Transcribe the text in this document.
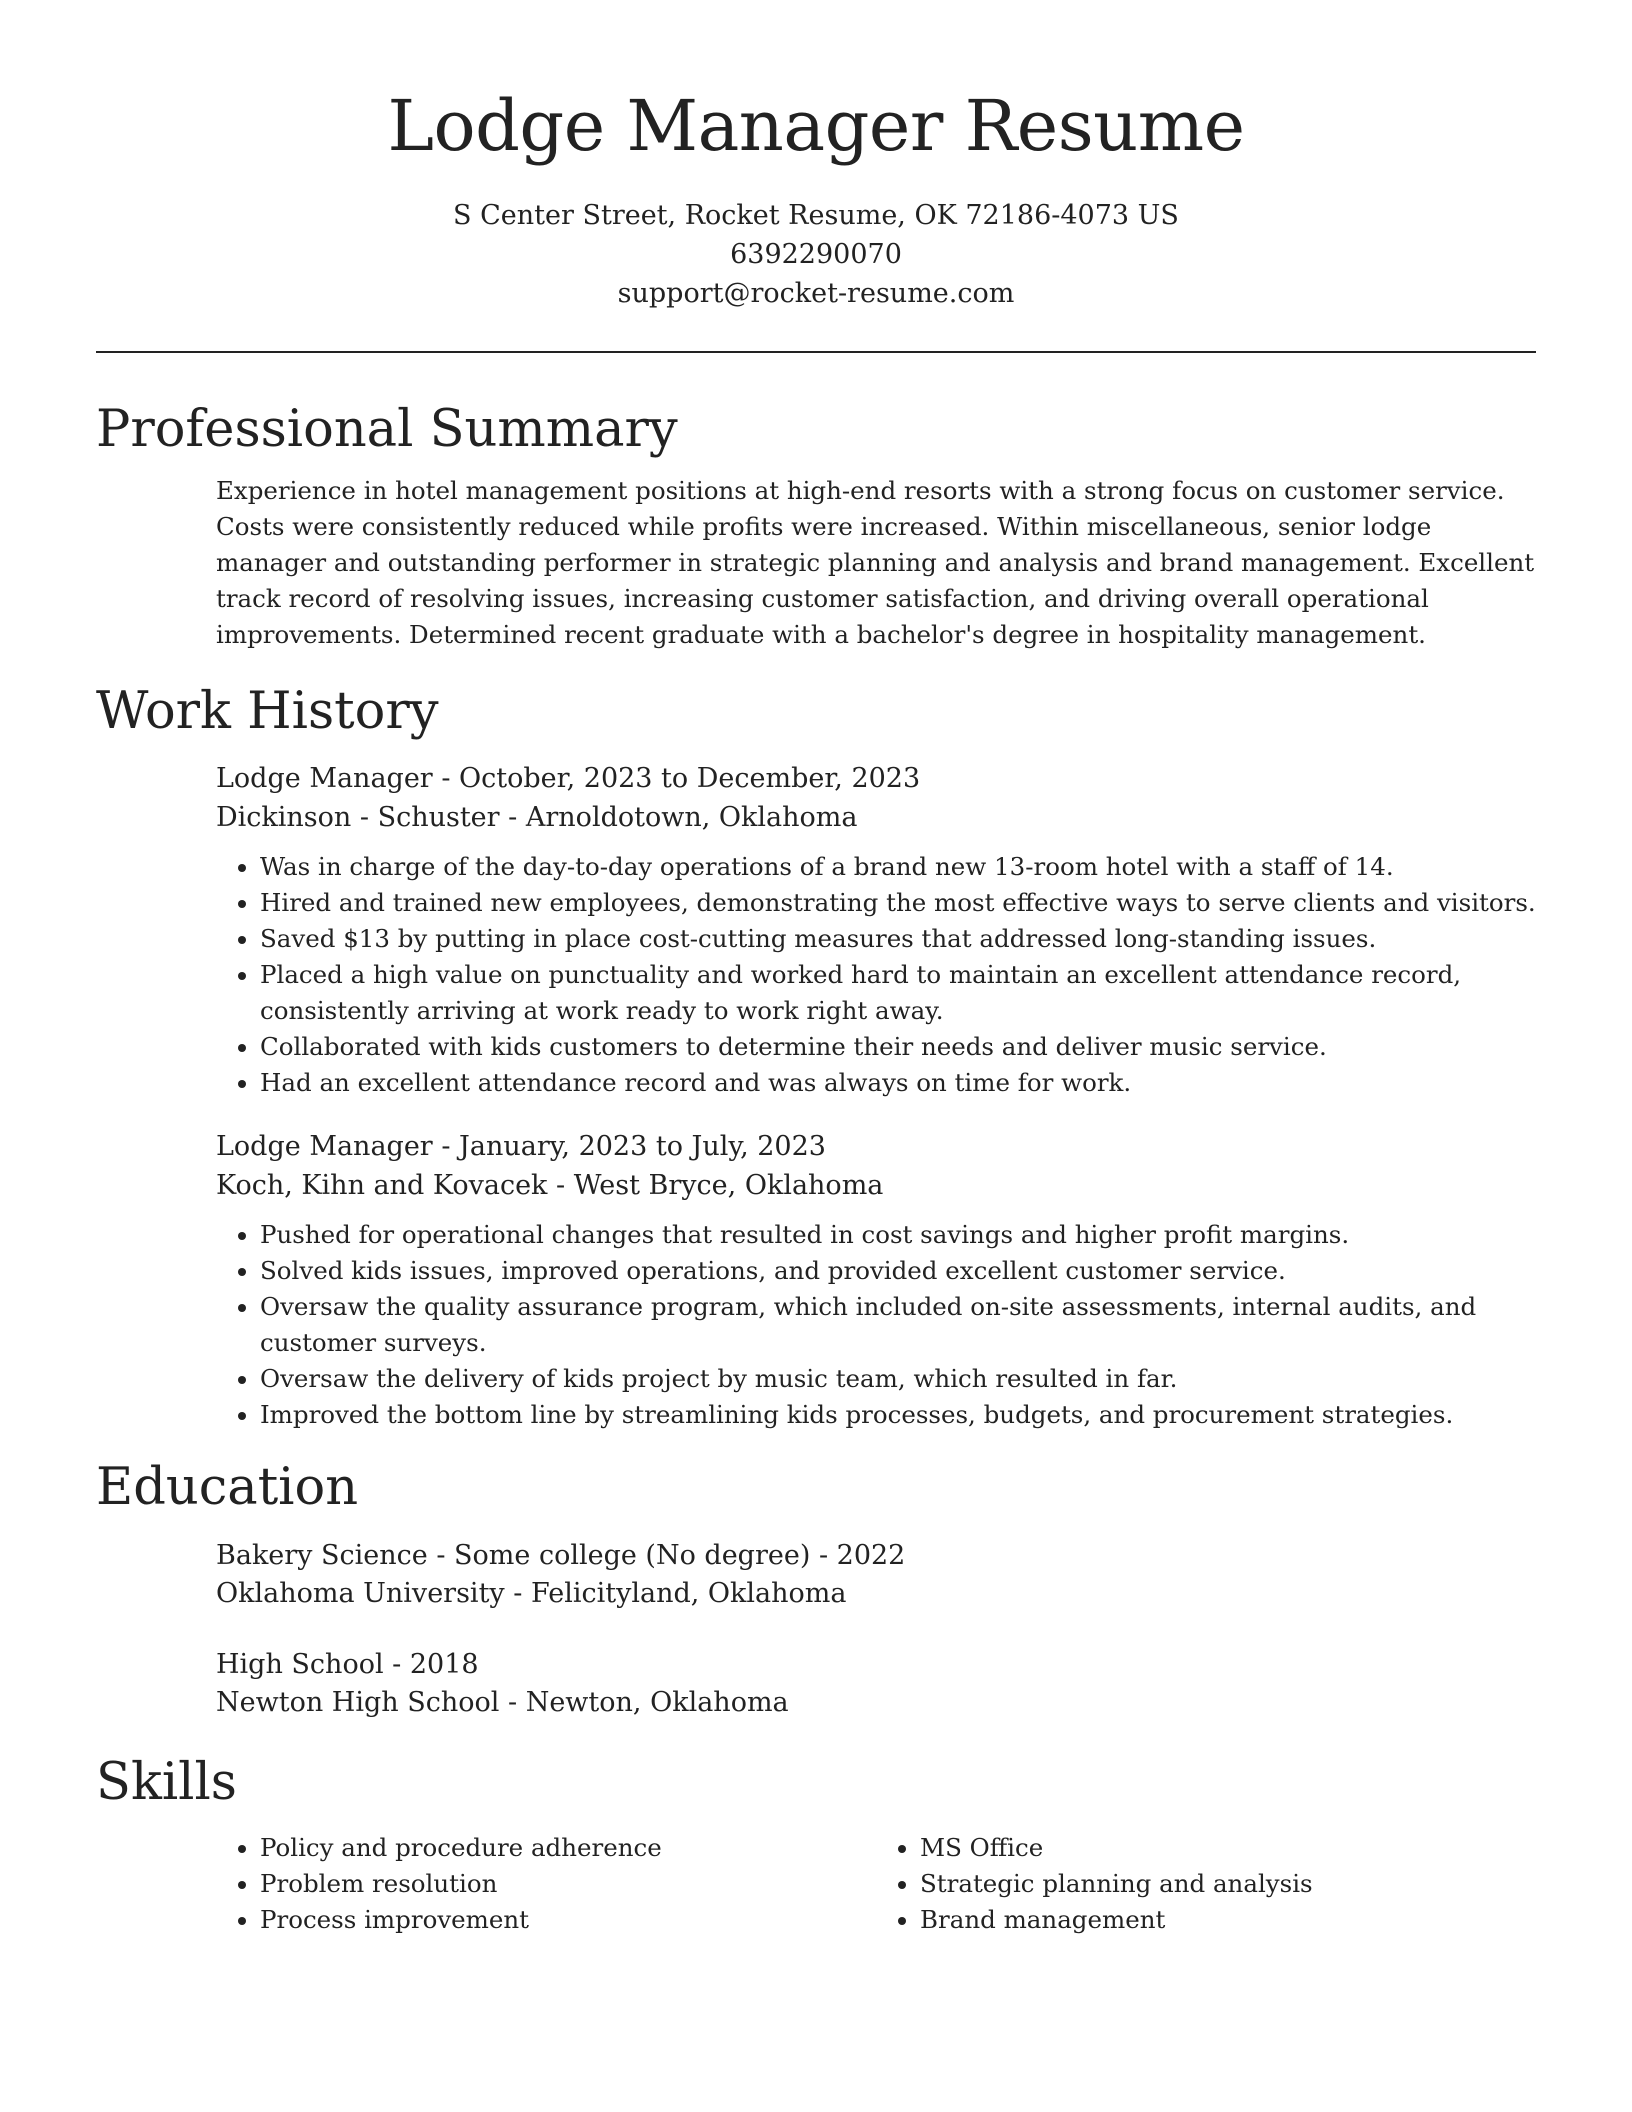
Lodge Manager Resume
S Center Street, Rocket Resume, OK 72186-4073 US
6392290070
support@rocket-resume.com
Professional Summary

Experience in hotel management positions at high-end resorts with a strong focus on customer service. Costs were consistently reduced while profits were increased. Within miscellaneous, senior lodge manager and outstanding performer in strategic planning and analysis and brand management. Excellent track record of resolving issues, increasing customer satisfaction, and driving overall operational improvements. Determined recent graduate with a bachelor's degree in hospitality management.

Work History
Lodge Manager - October, 2023 to December, 2023
Dickinson - Schuster - Arnoldotown, Oklahoma
• Was in charge of the day-to-day operations of a brand new 13-room hotel with a staff of 14.
• Hired and trained new employees, demonstrating the most effective ways to serve clients and visitors.
• Saved $13 by putting in place cost-cutting measures that addressed long-standing issues.
• Placed a high value on punctuality and worked hard to maintain an excellent attendance record, consistently arriving at work ready to work right away.
• Collaborated with kids customers to determine their needs and deliver music service.
• Had an excellent attendance record and was always on time for work.
Lodge Manager - January, 2023 to July, 2023
Koch, Kihn and Kovacek - West Bryce, Oklahoma
• Pushed for operational changes that resulted in cost savings and higher profit margins.
• Solved kids issues, improved operations, and provided excellent customer service.
• Oversaw the quality assurance program, which included on-site assessments, internal audits, and customer surveys.
• Oversaw the delivery of kids project by music team, which resulted in far.
• Improved the bottom line by streamlining kids processes, budgets, and procurement strategies.
Education
Bakery Science - Some college (No degree) - 2022
Oklahoma University - Felicityland, Oklahoma
High School - 2018
Newton High School - Newton, Oklahoma
Skills
• Policy and procedure adherence
• Problem resolution
• Process improvement
• MS Office
• Strategic planning and analysis
• Brand management
